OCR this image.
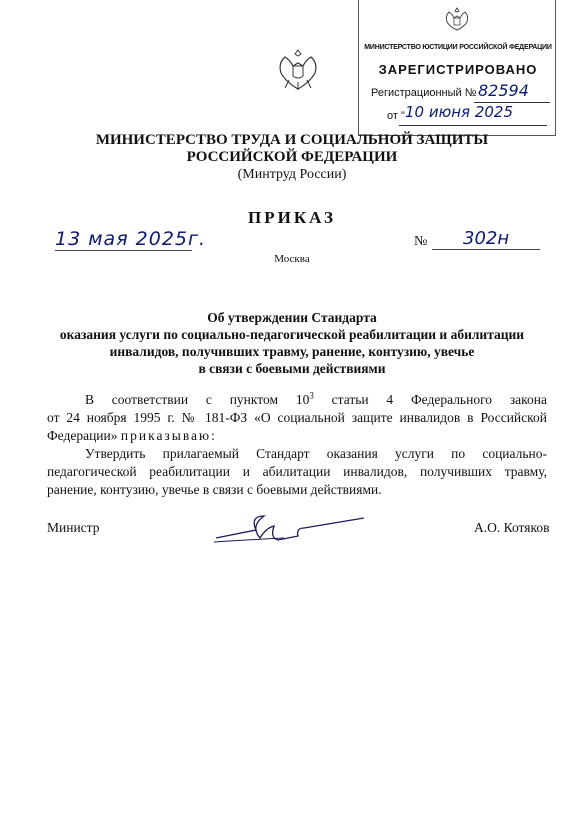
МИНИСТЕРСТВО ЮСТИЦИИ РОССИЙСКОЙ ФЕДЕРАЦИИ
ЗАРЕГИСТРИРОВАНО
Регистрационный № 82594
от " 10 июня 2025
МИНИСТЕРСТВО ТРУДА И СОЦИАЛЬНОЙ ЗАЩИТЫ
РОССИЙСКОЙ ФЕДЕРАЦИИ
(Минтруд России)
ПРИКАЗ
13 мая 2025г.	№ 302н
Москва
Об утверждении Стандарта
оказания услуги по социально-педагогической реабилитации и абилитации
инвалидов, получивших травму, ранение, контузию, увечье
в связи с боевыми действиями
В соответствии с пунктом $10^3$ статьи 4 Федерального закона
от 24 ноября 1995 г. № 181-ФЗ «О социальной защите инвалидов в Российской
Федерации» приказываю:
Утвердить прилагаемый Стандарт оказания услуги по социально-
педагогической реабилитации и абилитации инвалидов, получивших травму,
ранение, контузию, увечье в связи с боевыми действиями.
Министр	А.О. Котяков
